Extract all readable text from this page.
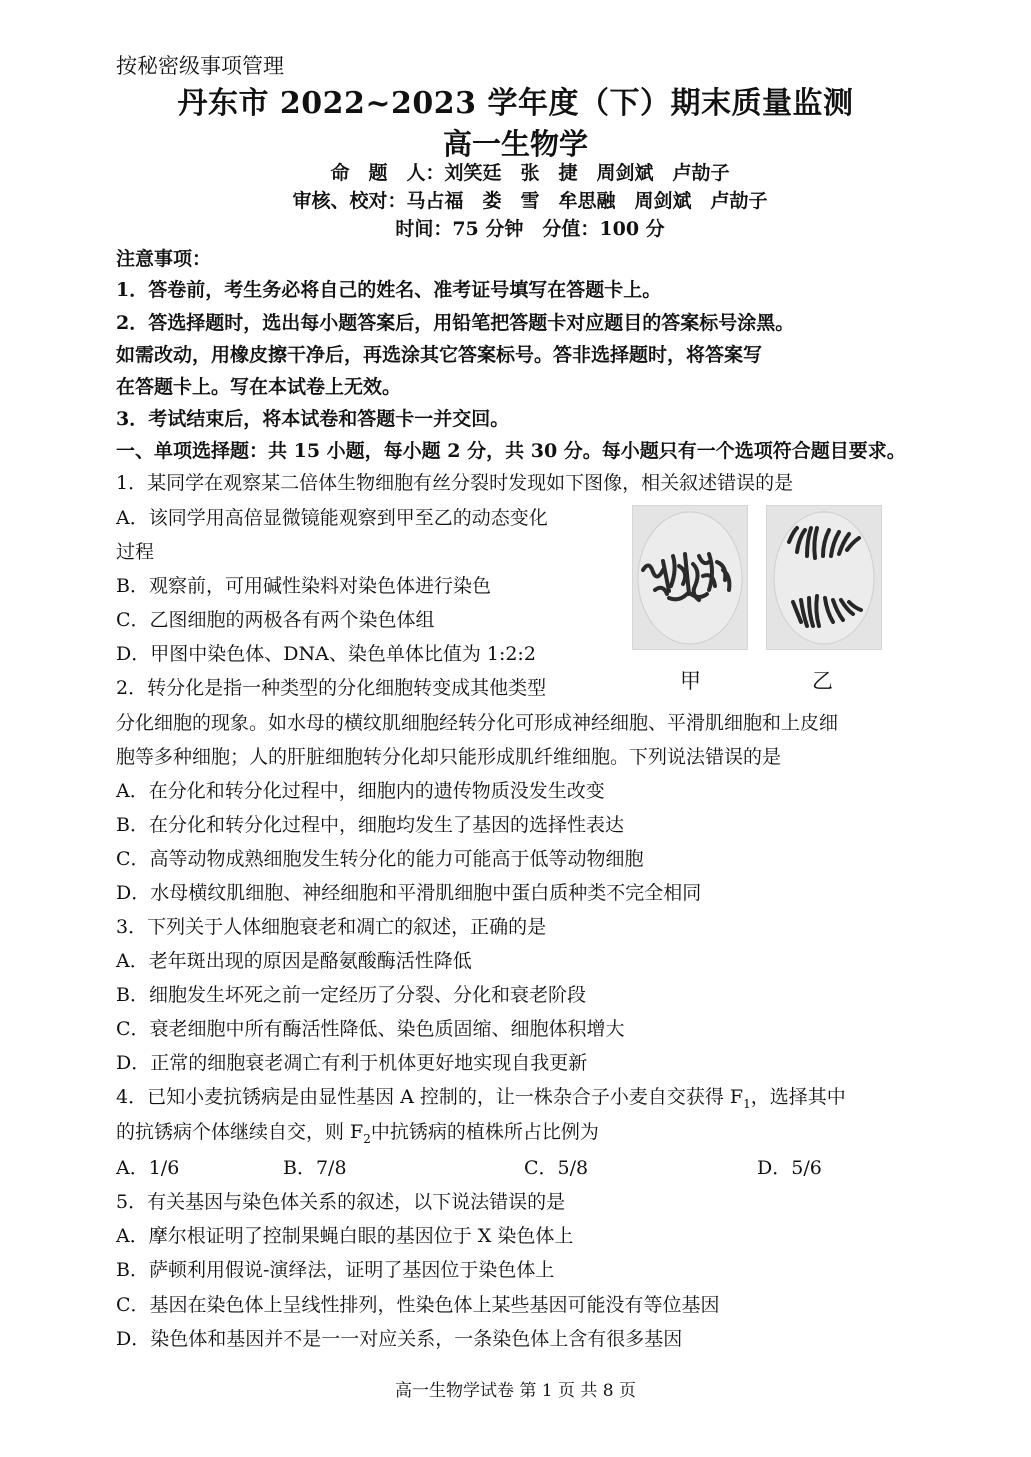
按秘密级事项管理
丹东市 2022~2023 学年度（下）期末质量监测
高一生物学
命　题　人：刘笑廷　张　捷　周剑斌　卢劼子
审核、校对：马占福　娄　雪　牟思融　周剑斌　卢劼子
时间：75 分钟　分值：100 分
注意事项：
1．答卷前，考生务必将自己的姓名、准考证号填写在答题卡上。
2．答选择题时，选出每小题答案后，用铅笔把答题卡对应题目的答案标号涂黑。
如需改动，用橡皮擦干净后，再选涂其它答案标号。答非选择题时，将答案写
在答题卡上。写在本试卷上无效。
3．考试结束后，将本试卷和答题卡一并交回。
一、单项选择题：共 15 小题，每小题 2 分，共 30 分。每小题只有一个选项符合题目要求。
1．某同学在观察某二倍体生物细胞有丝分裂时发现如下图像，相关叙述错误的是
A．该同学用高倍显微镜能观察到甲至乙的动态变化
过程
B．观察前，可用碱性染料对染色体进行染色
C．乙图细胞的两极各有两个染色体组
D．甲图中染色体、DNA、染色单体比值为 1:2:2
甲	乙
2．转分化是指一种类型的分化细胞转变成其他类型
分化细胞的现象。如水母的横纹肌细胞经转分化可形成神经细胞、平滑肌细胞和上皮细
胞等多种细胞；人的肝脏细胞转分化却只能形成肌纤维细胞。下列说法错误的是
A．在分化和转分化过程中，细胞内的遗传物质没发生改变
B．在分化和转分化过程中，细胞均发生了基因的选择性表达
C．高等动物成熟细胞发生转分化的能力可能高于低等动物细胞
D．水母横纹肌细胞、神经细胞和平滑肌细胞中蛋白质种类不完全相同
3．下列关于人体细胞衰老和凋亡的叙述，正确的是
A．老年斑出现的原因是酪氨酸酶活性降低
B．细胞发生坏死之前一定经历了分裂、分化和衰老阶段
C．衰老细胞中所有酶活性降低、染色质固缩、细胞体积增大
D．正常的细胞衰老凋亡有利于机体更好地实现自我更新
4．已知小麦抗锈病是由显性基因 A 控制的，让一株杂合子小麦自交获得 $F_1$，选择其中
的抗锈病个体继续自交，则 $F_2$中抗锈病的植株所占比例为
A．1/6	B．7/8	C．5/8	D．5/6
5．有关基因与染色体关系的叙述，以下说法错误的是
A．摩尔根证明了控制果蝇白眼的基因位于 X 染色体上
B．萨顿利用假说-演绎法，证明了基因位于染色体上
C．基因在染色体上呈线性排列，性染色体上某些基因可能没有等位基因
D．染色体和基因并不是一一对应关系，一条染色体上含有很多基因
高一生物学试卷 第 1 页 共 8 页
